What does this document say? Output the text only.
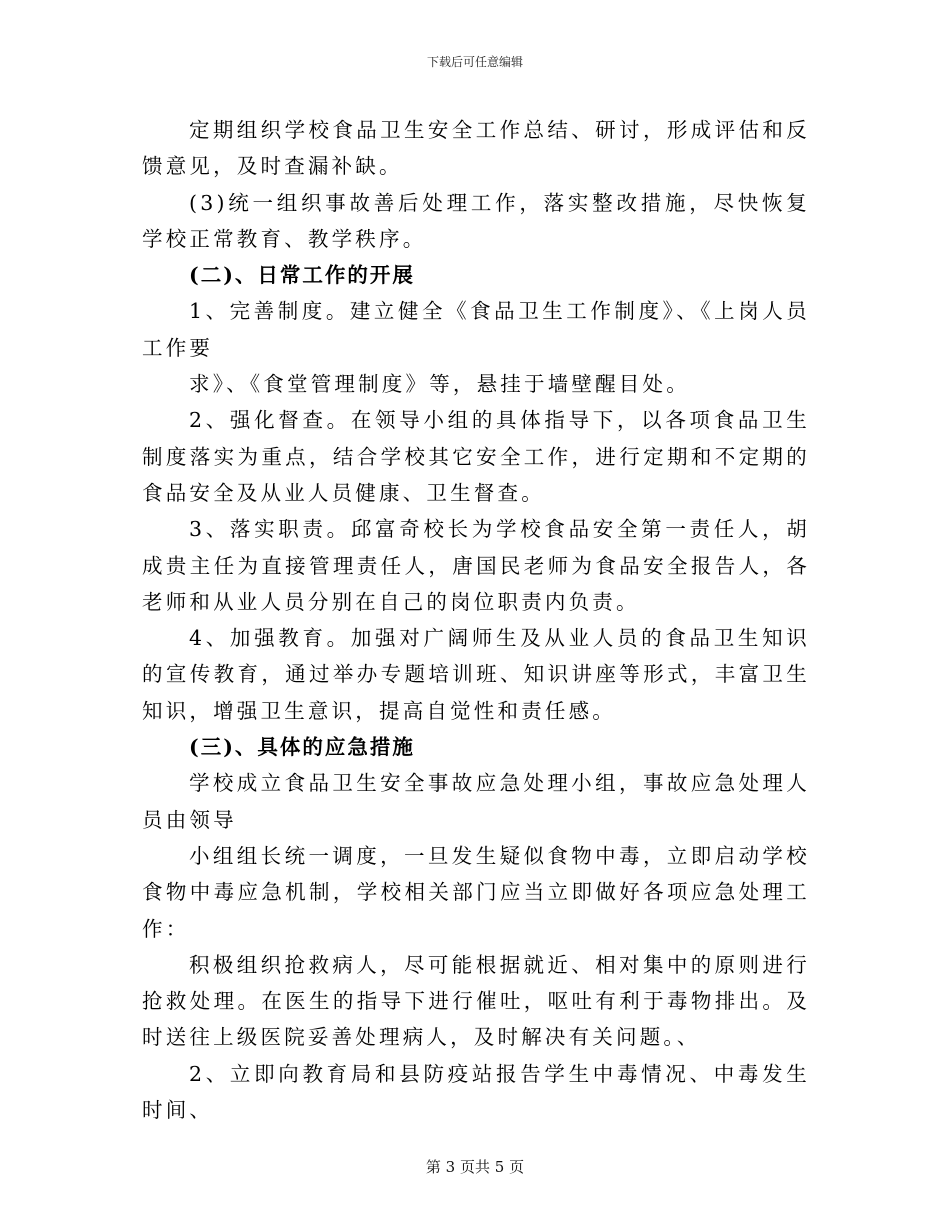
下载后可任意编辑

定期组织学校食品卫生安全工作总结、研讨，形成评估和反馈意见，及时查漏补缺。

(3)统一组织事故善后处理工作，落实整改措施，尽快恢复学校正常教育、教学秩序。

(二)、日常工作的开展

1、完善制度。建立健全《食品卫生工作制度》、《上岗人员工作要

求》、《食堂管理制度》等，悬挂于墙壁醒目处。

2、强化督查。在领导小组的具体指导下，以各项食品卫生制度落实为重点，结合学校其它安全工作，进行定期和不定期的食品安全及从业人员健康、卫生督查。

3、落实职责。邱富奇校长为学校食品安全第一责任人，胡成贵主任为直接管理责任人，唐国民老师为食品安全报告人，各老师和从业人员分别在自己的岗位职责内负责。

4、加强教育。加强对广阔师生及从业人员的食品卫生知识的宣传教育，通过举办专题培训班、知识讲座等形式，丰富卫生知识，增强卫生意识，提高自觉性和责任感。

(三)、具体的应急措施

学校成立食品卫生安全事故应急处理小组，事故应急处理人员由领导

小组组长统一调度，一旦发生疑似食物中毒，立即启动学校食物中毒应急机制，学校相关部门应当立即做好各项应急处理工作：

积极组织抢救病人，尽可能根据就近、相对集中的原则进行抢救处理。在医生的指导下进行催吐，呕吐有利于毒物排出。及时送往上级医院妥善处理病人，及时解决有关问题。、

2、立即向教育局和县防疫站报告学生中毒情况、中毒发生时间、

第 3 页共 5 页
